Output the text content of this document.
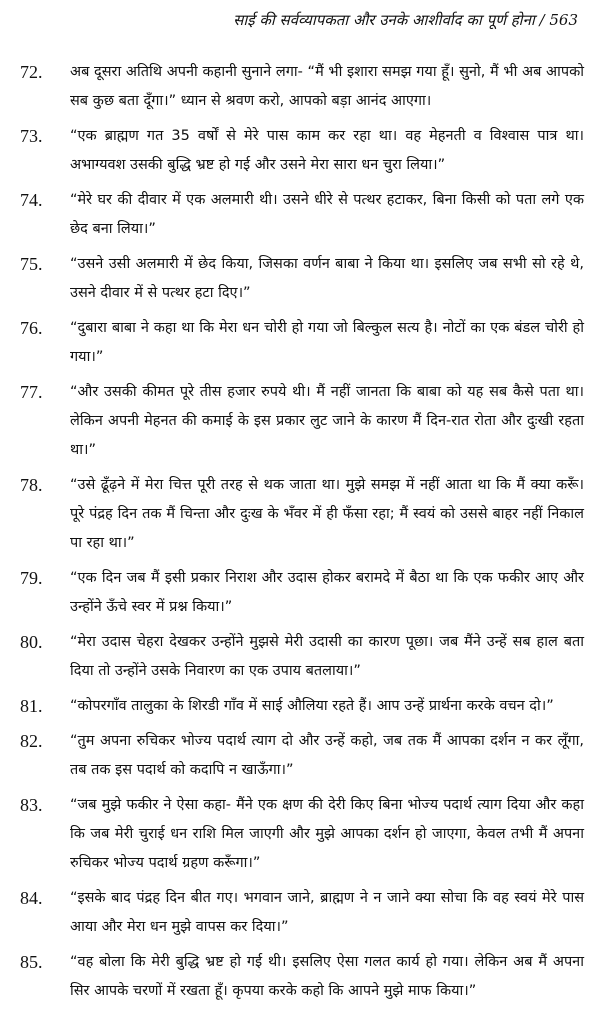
साई की सर्वव्यापकता और उनके आशीर्वाद का पूर्ण होना / 563
72.	अब दूसरा अतिथि अपनी कहानी सुनाने लगा- “मैं भी इशारा समझ गया हूँ। सुनो, मैं भी अब आपको सब कुछ बता दूँगा।” ध्यान से श्रवण करो, आपको बड़ा आनंद आएगा।
73.	“एक ब्राह्मण गत 35 वर्षों से मेरे पास काम कर रहा था। वह मेहनती व विश्वास पात्र था। अभाग्यवश उसकी बुद्धि भ्रष्ट हो गई और उसने मेरा सारा धन चुरा लिया।”
74.	“मेरे घर की दीवार में एक अलमारी थी। उसने धीरे से पत्थर हटाकर, बिना किसी को पता लगे एक छेद बना लिया।”
75.	“उसने उसी अलमारी में छेद किया, जिसका वर्णन बाबा ने किया था। इसलिए जब सभी सो रहे थे, उसने दीवार में से पत्थर हटा दिए।”
76.	“दुबारा बाबा ने कहा था कि मेरा धन चोरी हो गया जो बिल्कुल सत्य है। नोटों का एक बंडल चोरी हो गया।”
77.	“और उसकी कीमत पूरे तीस हजार रुपये थी। मैं नहीं जानता कि बाबा को यह सब कैसे पता था। लेकिन अपनी मेहनत की कमाई के इस प्रकार लुट जाने के कारण मैं दिन-रात रोता और दुःखी रहता था।”
78.	“उसे ढूँढ़ने में मेरा चित्त पूरी तरह से थक जाता था। मुझे समझ में नहीं आता था कि मैं क्या करूँ। पूरे पंद्रह दिन तक मैं चिन्ता और दुःख के भँवर में ही फँसा रहा; मैं स्वयं को उससे बाहर नहीं निकाल पा रहा था।”
79.	“एक दिन जब मैं इसी प्रकार निराश और उदास होकर बरामदे में बैठा था कि एक फकीर आए और उन्होंने ऊँचे स्वर में प्रश्न किया।”
80.	“मेरा उदास चेहरा देखकर उन्होंने मुझसे मेरी उदासी का कारण पूछा। जब मैंने उन्हें सब हाल बता दिया तो उन्होंने उसके निवारण का एक उपाय बतलाया।”
81.	“कोपरगाँव तालुका के शिरडी गाँव में साई औलिया रहते हैं। आप उन्हें प्रार्थना करके वचन दो।”
82.	“तुम अपना रुचिकर भोज्य पदार्थ त्याग दो और उन्हें कहो, जब तक मैं आपका दर्शन न कर लूँगा, तब तक इस पदार्थ को कदापि न खाऊँगा।”
83.	“जब मुझे फकीर ने ऐसा कहा- मैंने एक क्षण की देरी किए बिना भोज्य पदार्थ त्याग दिया और कहा कि जब मेरी चुराई धन राशि मिल जाएगी और मुझे आपका दर्शन हो जाएगा, केवल तभी मैं अपना रुचिकर भोज्य पदार्थ ग्रहण करूँगा।”
84.	“इसके बाद पंद्रह दिन बीत गए। भगवान जाने, ब्राह्मण ने न जाने क्या सोचा कि वह स्वयं मेरे पास आया और मेरा धन मुझे वापस कर दिया।”
85.	“वह बोला कि मेरी बुद्धि भ्रष्ट हो गई थी। इसलिए ऐसा गलत कार्य हो गया। लेकिन अब मैं अपना सिर आपके चरणों में रखता हूँ। कृपया करके कहो कि आपने मुझे माफ किया।”
